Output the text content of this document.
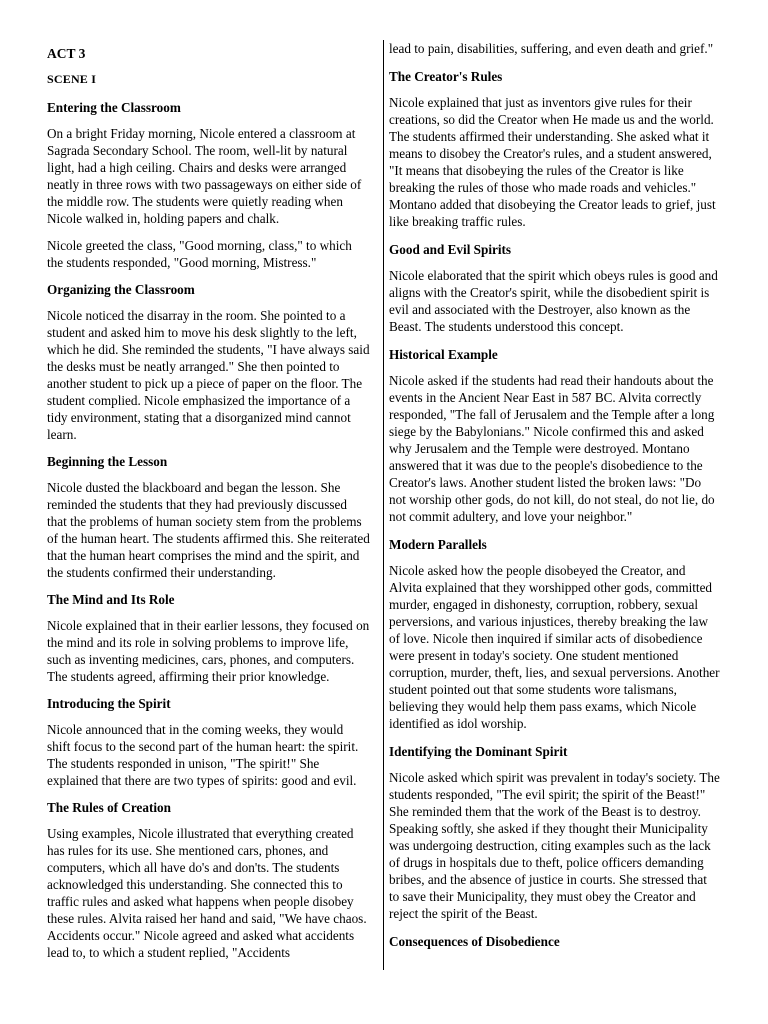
ACT 3
SCENE I
Entering the Classroom

On a bright Friday morning, Nicole entered a classroom at Sagrada Secondary School. The room, well-lit by natural light, had a high ceiling. Chairs and desks were arranged neatly in three rows with two passageways on either side of the middle row. The students were quietly reading when Nicole walked in, holding papers and chalk.

Nicole greeted the class, "Good morning, class," to which the students responded, "Good morning, Mistress."

Organizing the Classroom

Nicole noticed the disarray in the room. She pointed to a student and asked him to move his desk slightly to the left, which he did. She reminded the students, "I have always said the desks must be neatly arranged." She then pointed to another student to pick up a piece of paper on the floor. The student complied. Nicole emphasized the importance of a tidy environment, stating that a disorganized mind cannot learn.

Beginning the Lesson

Nicole dusted the blackboard and began the lesson. She reminded the students that they had previously discussed that the problems of human society stem from the problems of the human heart. The students affirmed this. She reiterated that the human heart comprises the mind and the spirit, and the students confirmed their understanding.

The Mind and Its Role

Nicole explained that in their earlier lessons, they focused on the mind and its role in solving problems to improve life, such as inventing medicines, cars, phones, and computers. The students agreed, affirming their prior knowledge.

Introducing the Spirit

Nicole announced that in the coming weeks, they would shift focus to the second part of the human heart: the spirit. The students responded in unison, "The spirit!" She explained that there are two types of spirits: good and evil.

The Rules of Creation

Using examples, Nicole illustrated that everything created has rules for its use. She mentioned cars, phones, and computers, which all have do's and don'ts. The students acknowledged this understanding. She connected this to traffic rules and asked what happens when people disobey these rules. Alvita raised her hand and said, "We have chaos. Accidents occur." Nicole agreed and asked what accidents lead to, to which a student replied, "Accidents

lead to pain, disabilities, suffering, and even death and grief."

The Creator's Rules

Nicole explained that just as inventors give rules for their creations, so did the Creator when He made us and the world. The students affirmed their understanding. She asked what it means to disobey the Creator's rules, and a student answered, "It means that disobeying the rules of the Creator is like breaking the rules of those who made roads and vehicles." Montano added that disobeying the Creator leads to grief, just like breaking traffic rules.

Good and Evil Spirits

Nicole elaborated that the spirit which obeys rules is good and aligns with the Creator's spirit, while the disobedient spirit is evil and associated with the Destroyer, also known as the Beast. The students understood this concept.

Historical Example

Nicole asked if the students had read their handouts about the events in the Ancient Near East in 587 BC. Alvita correctly responded, "The fall of Jerusalem and the Temple after a long siege by the Babylonians." Nicole confirmed this and asked why Jerusalem and the Temple were destroyed. Montano answered that it was due to the people's disobedience to the Creator's laws. Another student listed the broken laws: "Do not worship other gods, do not kill, do not steal, do not lie, do not commit adultery, and love your neighbor."

Modern Parallels

Nicole asked how the people disobeyed the Creator, and Alvita explained that they worshipped other gods, committed murder, engaged in dishonesty, corruption, robbery, sexual perversions, and various injustices, thereby breaking the law of love. Nicole then inquired if similar acts of disobedience were present in today's society. One student mentioned corruption, murder, theft, lies, and sexual perversions. Another student pointed out that some students wore talismans, believing they would help them pass exams, which Nicole identified as idol worship.

Identifying the Dominant Spirit

Nicole asked which spirit was prevalent in today's society. The students responded, "The evil spirit; the spirit of the Beast!" She reminded them that the work of the Beast is to destroy. Speaking softly, she asked if they thought their Municipality was undergoing destruction, citing examples such as the lack of drugs in hospitals due to theft, police officers demanding bribes, and the absence of justice in courts. She stressed that to save their Municipality, they must obey the Creator and reject the spirit of the Beast.

Consequences of Disobedience
